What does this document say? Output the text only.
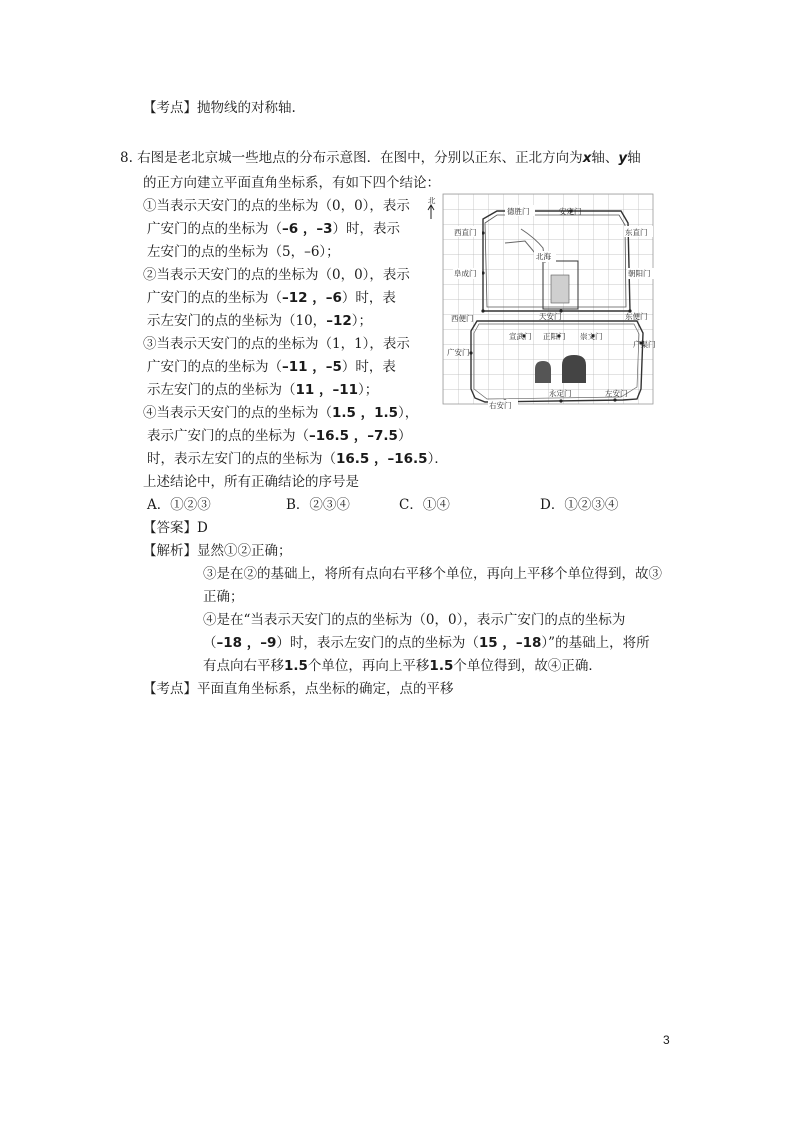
【考点】抛物线的对称轴.
8. 右图是老北京城一些地点的分布示意图．在图中，分别以正东、正北方向为x轴、y轴
的正方向建立平面直角坐标系，有如下四个结论：
①当表示天安门的点的坐标为（0，0），表示
广安门的点的坐标为（–6 ，–3）时，表示
左安门的点的坐标为（5，–6）；
②当表示天安门的点的坐标为（0，0），表示
广安门的点的坐标为（–12 ，–6）时，表
示左安门的点的坐标为（10，–12）；
③当表示天安门的点的坐标为（1，1），表示
广安门的点的坐标为（–11 ，–5）时，表
示左安门的点的坐标为（11 ，–11）；
④当表示天安门的点的坐标为（1.5 ，1.5），
表示广安门的点的坐标为（–16.5 ，–7.5）
时，表示左安门的点的坐标为（16.5 ，–16.5）．
上述结论中，所有正确结论的序号是
A．①②③	B．②③④	C．①④	D．①②③④
【答案】D
【解析】显然①②正确；
③是在②的基础上，将所有点向右平移个单位，再向上平移个单位得到，故③
正确；
④是在“当表示天安门的点的坐标为（0，0），表示广安门的点的坐标为
（–18 ，–9）时，表示左安门的点的坐标为（15 ，–18）”的基础上，将所
有点向右平移1.5个单位，再向上平移1.5个单位得到，故④正确．
【考点】平面直角坐标系，点坐标的确定，点的平移
北
德胜门	安定门
西直门	东直门
北海
阜成门	朝阳门
西便门	天安门	东便门
宣武门 正阳门 崇文门
广渠门
广安门
右安门
永定门	左安门
3
